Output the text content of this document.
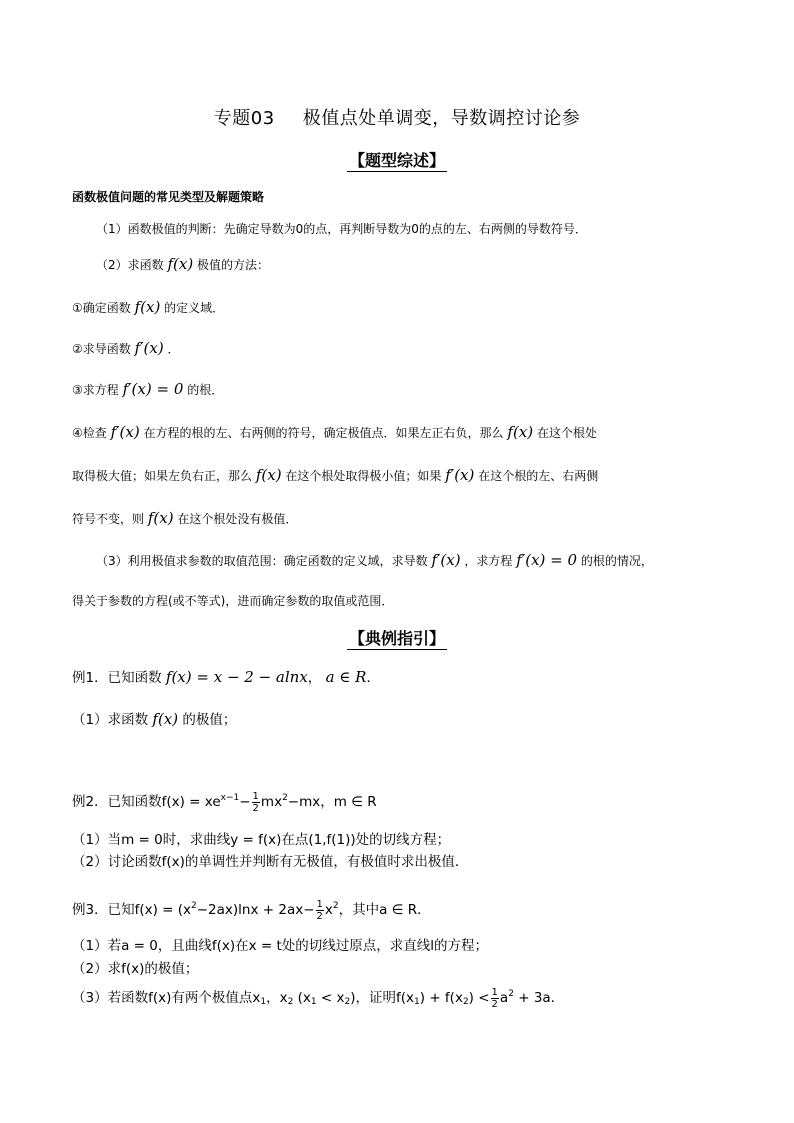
专题03 极值点处单调变，导数调控讨论参
【题型综述】
函数极值问题的常见类型及解题策略
（1）函数极值的判断：先确定导数为0的点，再判断导数为0的点的左、右两侧的导数符号．
（2）求函数 f(x) 极值的方法：
①确定函数 f(x) 的定义域．
②求导函数 f′(x) ．
③求方程 f′(x) = 0 的根．
④检查 f′(x) 在方程的根的左、右两侧的符号，确定极值点．如果左正右负，那么 f(x) 在这个根处
取得极大值；如果左负右正，那么 f(x) 在这个根处取得极小值；如果 f′(x) 在这个根的左、右两侧
符号不变，则 f(x) 在这个根处没有极值．
（3）利用极值求参数的取值范围：确定函数的定义域，求导数 f′(x) ，求方程 f′(x) = 0 的根的情况，
得关于参数的方程(或不等式)，进而确定参数的取值或范围．
【典例指引】
例1．已知函数 f(x) = x − 2 − alnx， a ∈ R．
（1）求函数 f(x) 的极值；
例2．已知函数$f(x) = xe^{x-1}- \frac{1}{2} mx^2-mx$，m ∈ R
（1）当m = 0时，求曲线y = f(x)在点(1,f(1))处的切线方程；
（2）讨论函数f(x)的单调性并判断有无极值，有极值时求出极值．
例3．已知$f(x) = (x^2-2ax)\ln x + 2ax- \frac{1}{2} x^2$，其中a ∈ R．
（1）若a = 0，且曲线f(x)在x = t处的切线过原点，求直线l的方程；
（2）求f(x)的极值；
（3）若函数f(x)有两个极值点$x_1$，$x_2$ $(x_1 < x_2)$，证明$f(x_1) + f(x_2) < \frac{1}{2} a^2 + 3a$．
